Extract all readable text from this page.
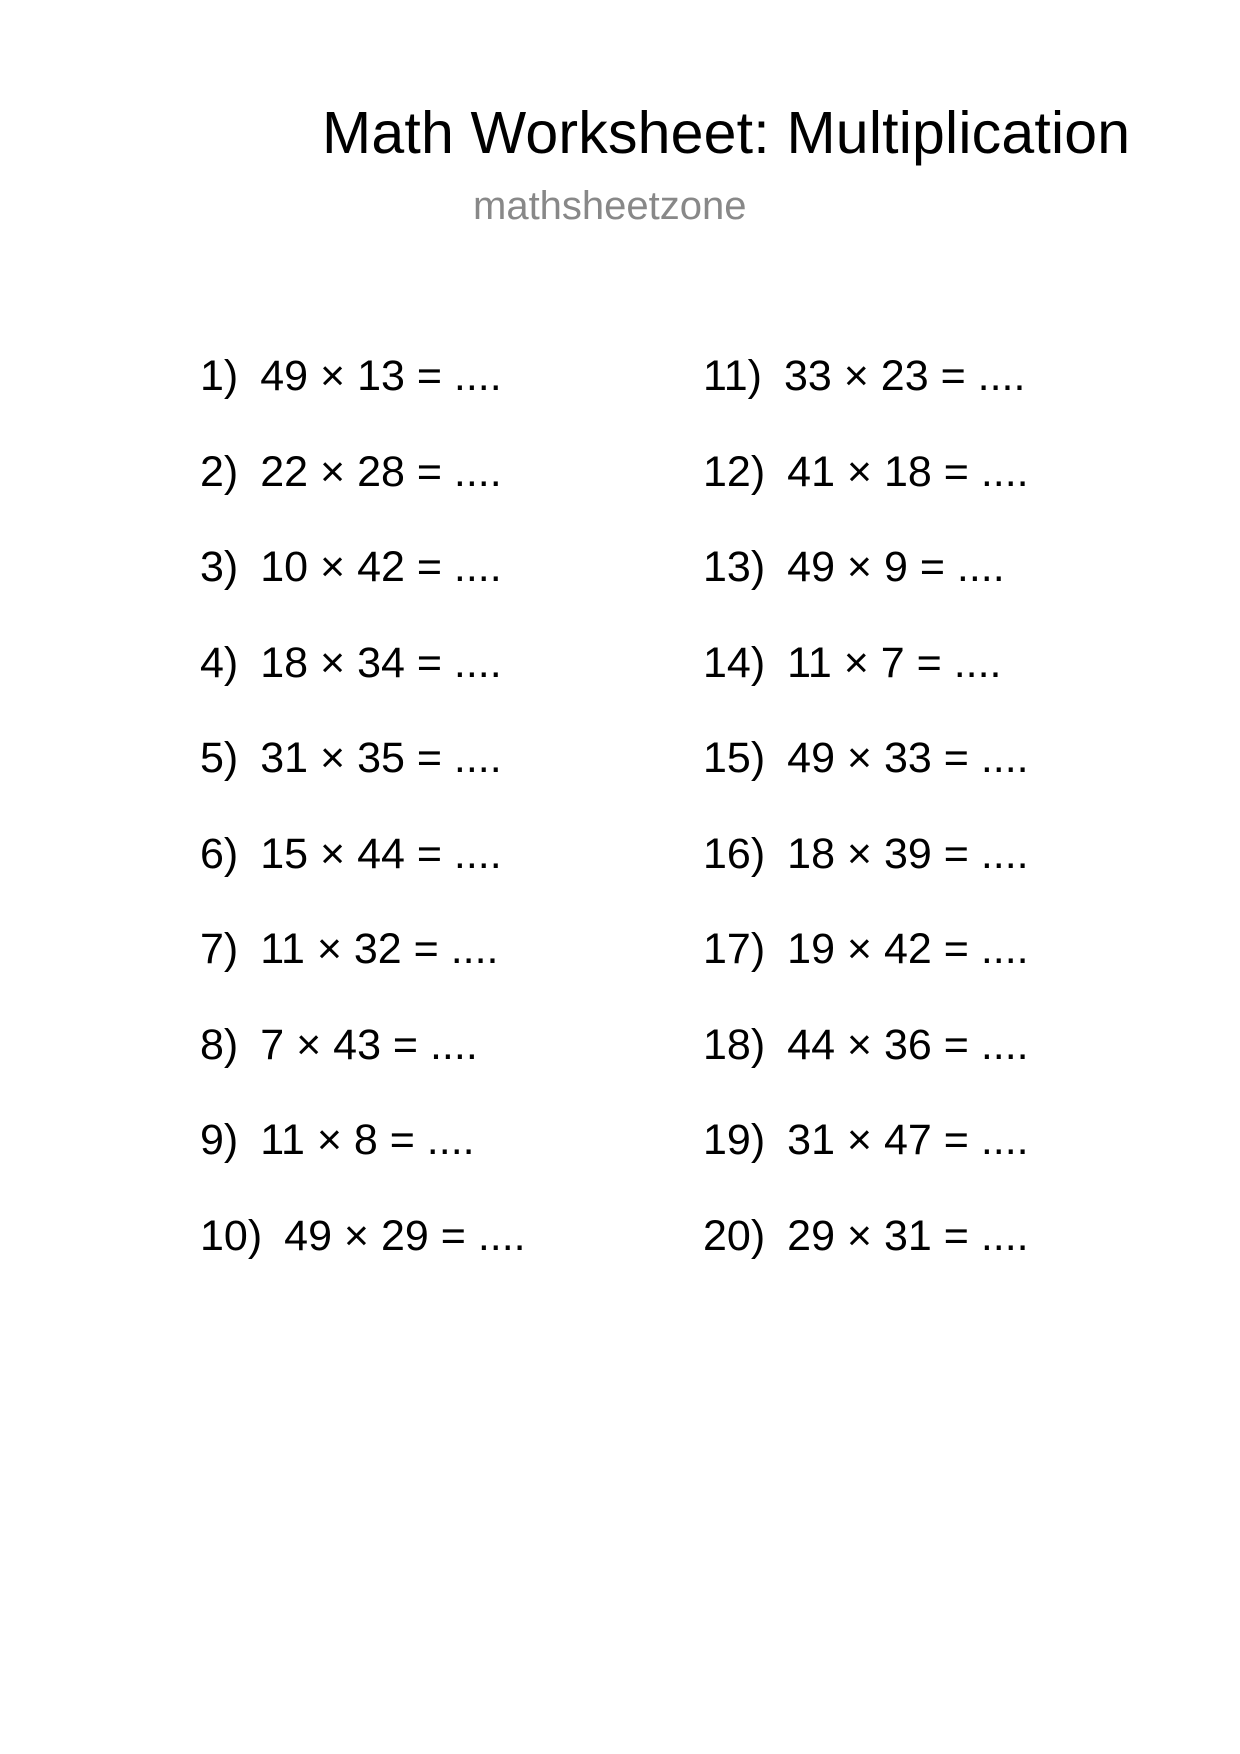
Math Worksheet: Multiplication
mathsheetzone
1) 49 × 13 = ....
2) 22 × 28 = ....
3) 10 × 42 = ....
4) 18 × 34 = ....
5) 31 × 35 = ....
6) 15 × 44 = ....
7) 11 × 32 = ....
8) 7 × 43 = ....
9) 11 × 8 = ....
10) 49 × 29 = ....
11) 33 × 23 = ....
12) 41 × 18 = ....
13) 49 × 9 = ....
14) 11 × 7 = ....
15) 49 × 33 = ....
16) 18 × 39 = ....
17) 19 × 42 = ....
18) 44 × 36 = ....
19) 31 × 47 = ....
20) 29 × 31 = ....
